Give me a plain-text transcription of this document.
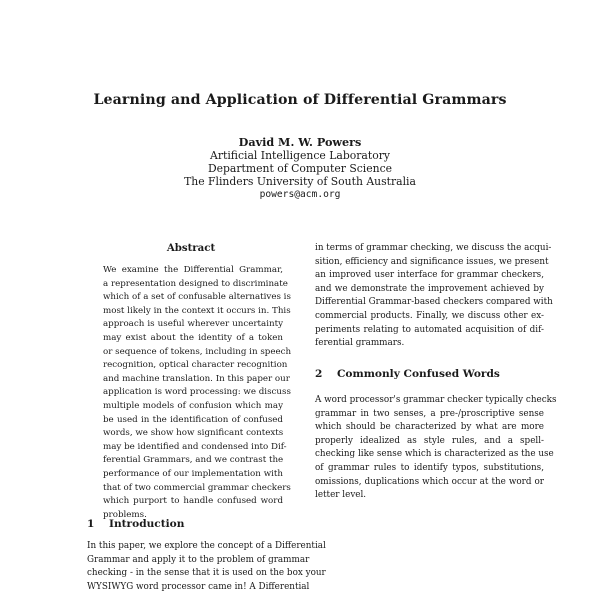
Learning and Application of Differential Grammars
David M. W. Powers
Artificial Intelligence Laboratory
Department of Computer Science
The Flinders University of South Australia
powers@acm.org
Abstract
We examine the Differential Grammar,
a representation designed to discriminate
which of a set of confusable alternatives is
most likely in the context it occurs in. This
approach is useful wherever uncertainty
may exist about the identity of a token
or sequence of tokens, including in speech
recognition, optical character recognition
and machine translation. In this paper our
application is word processing: we discuss
multiple models of confusion which may
be used in the identification of confused
words, we show how significant contexts
may be identified and condensed into Dif-
ferential Grammars, and we contrast the
performance of our implementation with
that of two commercial grammar checkers
which purport to handle confused word
problems.
1 Introduction
In this paper, we explore the concept of a Differential
Grammar and apply it to the problem of grammar
checking - in the sense that it is used on the box your
WYSIWYG word processor came in! A Differential
in terms of grammar checking, we discuss the acqui-
sition, efficiency and significance issues, we present
an improved user interface for grammar checkers,
and we demonstrate the improvement achieved by
Differential Grammar-based checkers compared with
commercial products. Finally, we discuss other ex-
periments relating to automated acquisition of dif-
ferential grammars.
2 Commonly Confused Words
A word processor's grammar checker typically checks
grammar in two senses, a pre-/proscriptive sense
which should be characterized by what are more
properly idealized as style rules, and a spell-
checking like sense which is characterized as the use
of grammar rules to identify typos, substitutions,
omissions, duplications which occur at the word or
letter level.
